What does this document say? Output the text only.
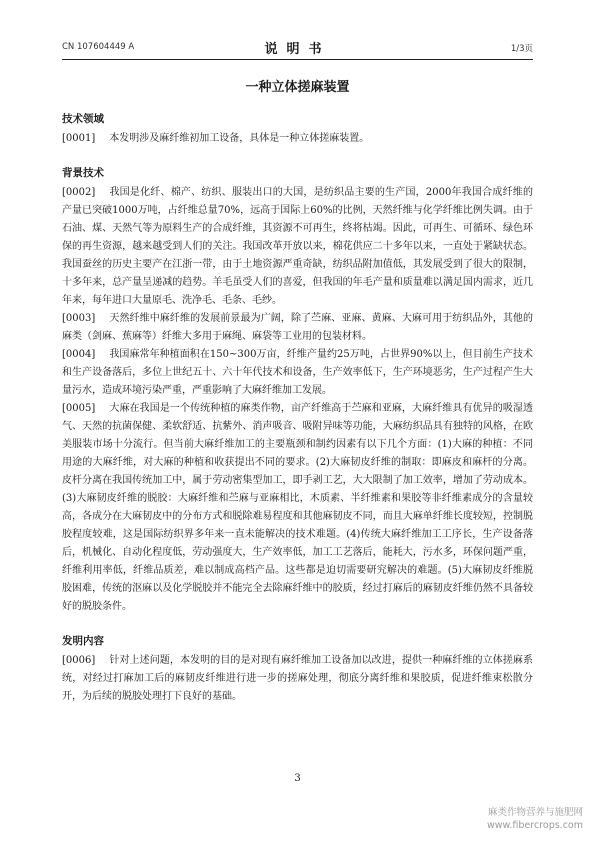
CN 107604449 A	说明书	1/3页
一种立体搓麻装置
技术领域

[0001] 本发明涉及麻纤维初加工设备，具体是一种立体搓麻装置。

背景技术

[0002] 我国是化纤、棉产、纺织、服装出口的大国，是纺织品主要的生产国，2000年我国合成纤维的产量已突破1000万吨，占纤维总量70%，远高于国际上60%的比例，天然纤维与化学纤维比例失调。由于石油、煤、天然气等为原料生产的合成纤维，其资源不可再生，终将枯竭。因此，可再生、可循环、绿色环保的再生资源，越来越受到人们的关注。我国改革开放以来，棉花供应二十多年以来，一直处于紧缺状态。我国蚕丝的历史主要产在江浙一带，由于土地资源严重奇缺，纺织品附加值低，其发展受到了很大的限制，十多年来，总产量呈递减的趋势。羊毛虽受人们的喜爱，但我国的年毛产量和质量难以满足国内需求，近几年来，每年进口大量原毛、洗净毛、毛条、毛纱。

[0003] 天然纤维中麻纤维的发展前景最为广阔，除了苎麻、亚麻、黄麻、大麻可用于纺织品外，其他的麻类（剑麻、蕉麻等）纤维大多用于麻绳、麻袋等工业用的包装材料。

[0004] 我国麻常年种植面积在150~300万亩，纤维产量约25万吨，占世界90%以上，但目前生产技术和生产设备落后，多位上世纪五十、六十年代技术和设备，生产效率低下，生产环境恶劣，生产过程产生大量污水，造成环境污染严重，严重影响了大麻纤维加工发展。

[0005] 大麻在我国是一个传统种植的麻类作物，亩产纤维高于苎麻和亚麻，大麻纤维具有优异的吸湿透气、天然的抗菌保健、柔软舒适、抗紫外、消声吸音、吸附异味等功能，大麻纺织品具有独特的风格，在欧美服装市场十分流行。但当前大麻纤维加工的主要瓶颈和制约因素有以下几个方面：(1)大麻的种植：不同用途的大麻纤维，对大麻的种植和收获提出不同的要求。(2)大麻韧皮纤维的制取：即麻皮和麻杆的分离。皮杆分离在我国传统加工中，属于劳动密集型加工，即手剥工艺，大大限制了加工效率，增加了劳动成本。(3)大麻韧皮纤维的脱胶：大麻纤维和苎麻与亚麻相比，木质素、半纤维素和果胶等非纤维素成分的含量较高，各成分在大麻韧皮中的分布方式和脱除难易程度和其他麻韧皮不同，而且大麻单纤维长度较短，控制脱胶程度较难，这是国际纺织界多年来一直未能解决的技术难题。(4)传统大麻纤维加工工序长，生产设备落后，机械化、自动化程度低，劳动强度大，生产效率低，加工工艺落后，能耗大，污水多，环保问题严重，纤维利用率低，纤维品质差，难以制成高档产品。这些都是迫切需要研究解决的难题。(5)大麻韧皮纤维脱胶困难，传统的沤麻以及化学脱胶并不能完全去除麻纤维中的胶质，经过打麻后的麻韧皮纤维仍然不具备较好的脱胶条件。

发明内容

[0006] 针对上述问题，本发明的目的是对现有麻纤维加工设备加以改进，提供一种麻纤维的立体搓麻系统，对经过打麻加工后的麻韧皮纤维进行进一步的搓麻处理，彻底分离纤维和果胶质，促进纤维束松散分开，为后续的脱胶处理打下良好的基础。

3
麻类作物营养与施肥网
www.fibercrops.com
